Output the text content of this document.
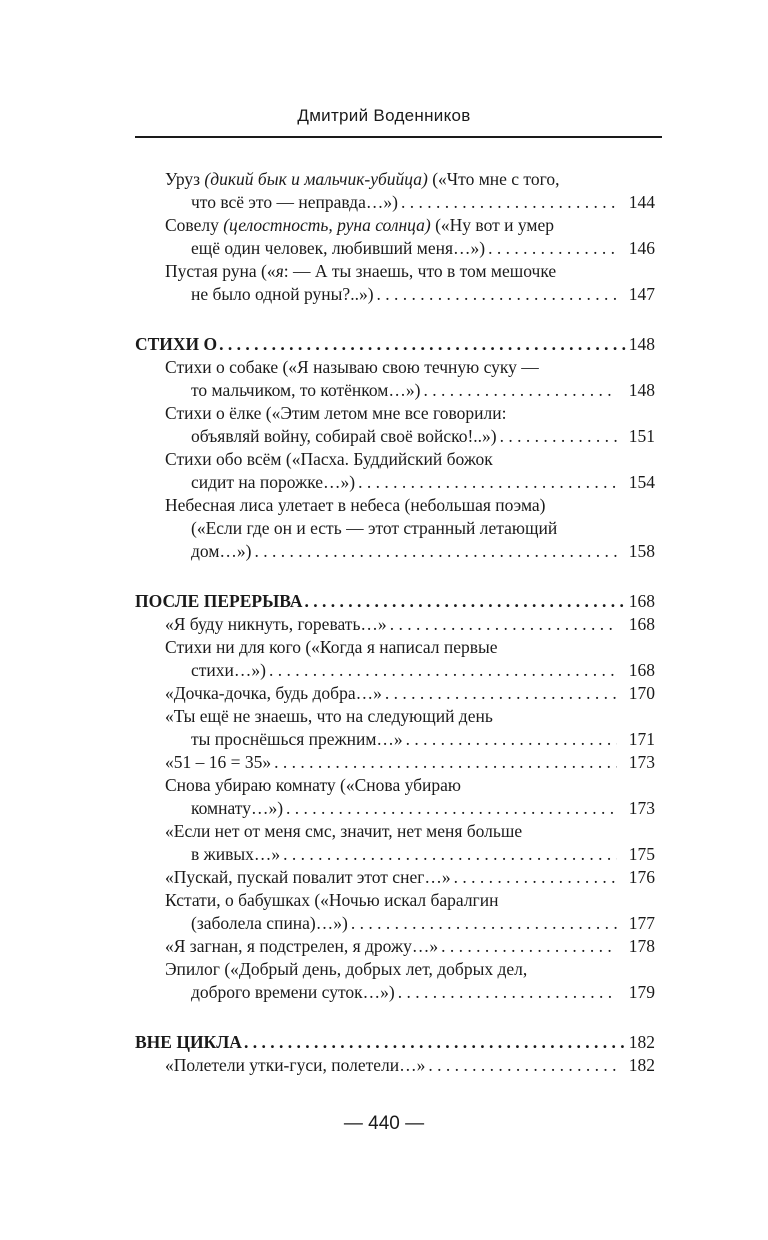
Дмитрий Воденников
Уруз (дикий бык и мальчик-убийца) («Что мне с того,
что всё это — неправда…») . . .	144
Совелу (целостность, руна солнца) («Ну вот и умер
ещё один человек, любивший меня…») . . .	146
Пустая руна («я: — А ты знаешь, что в том мешочке
не было одной руны?..») . . .	147
СТИХИ О . . .	148
Стихи о собаке («Я называю свою течную суку —
то мальчиком, то котёнком…») . . .	148
Стихи о ёлке («Этим летом мне все говорили:
объявляй войну, собирай своё войско!..») . . .	151
Стихи обо всём («Пасха. Буддийский божок
сидит на порожке…») . . .	154
Небесная лиса улетает в небеса (небольшая поэма)
(«Если где он и есть — этот странный летающий
дом…») . . .	158
ПОСЛЕ ПЕРЕРЫВА . . .	168
«Я буду никнуть, горевать…» . . .	168
Стихи ни для кого («Когда я написал первые
стихи…») . . .	168
«Дочка-дочка, будь добра…» . . .	170
«Ты ещё не знаешь, что на следующий день
ты проснёшься прежним…» . . .	171
«51 – 16 = 35» . . .	173
Снова убираю комнату («Снова убираю
комнату…») . . .	173
«Если нет от меня смс, значит, нет меня больше
в живых…» . . .	175
«Пускай, пускай повалит этот снег…» . . .	176
Кстати, о бабушках («Ночью искал баралгин
(заболела спина)…») . . .	177
«Я загнан, я подстрелен, я дрожу…» . . .	178
Эпилог («Добрый день, добрых лет, добрых дел,
доброго времени суток…») . . .	179
ВНЕ ЦИКЛА . . .	182
«Полетели утки-гуси, полетели…» . . .	182
— 440 —
